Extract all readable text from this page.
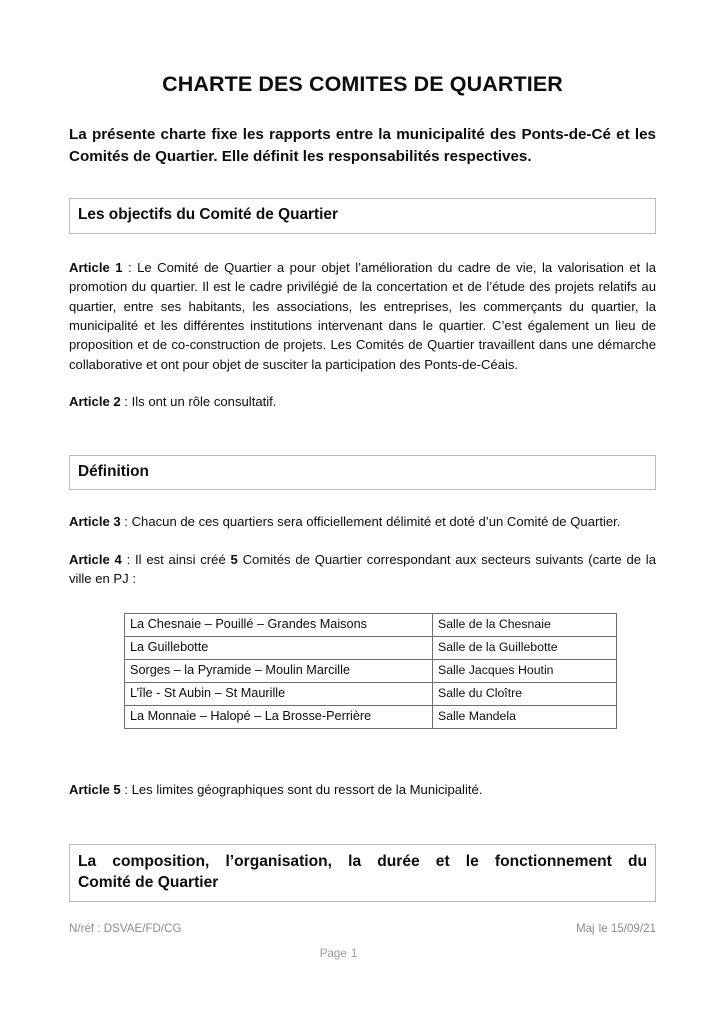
CHARTE DES COMITES DE QUARTIER

La présente charte fixe les rapports entre la municipalité des Ponts-de-Cé et les Comités de Quartier. Elle définit les responsabilités respectives.

Les objectifs du Comité de Quartier

Article 1 : Le Comité de Quartier a pour objet l’amélioration du cadre de vie, la valorisation et la promotion du quartier. Il est le cadre privilégié de la concertation et de l’étude des projets relatifs au quartier, entre ses habitants, les associations, les entreprises, les commerçants du quartier, la municipalité et les différentes institutions intervenant dans le quartier. C’est également un lieu de proposition et de co-construction de projets. Les Comités de Quartier travaillent dans une démarche collaborative et ont pour objet de susciter la participation des Ponts-de-Céais.

Article 2 : Ils ont un rôle consultatif.

Définition

Article 3 : Chacun de ces quartiers sera officiellement délimité et doté d’un Comité de Quartier.

Article 4 : Il est ainsi créé 5 Comités de Quartier correspondant aux secteurs suivants (carte de la ville en PJ :

La Chesnaie – Pouillé – Grandes Maisons	Salle de la Chesnaie
La Guillebotte	Salle de la Guillebotte
Sorges – la Pyramide – Moulin Marcille	Salle Jacques Houtin
L’île - St Aubin – St Maurille	Salle du Cloître
La Monnaie – Halopé – La Brosse-Perrière	Salle Mandela

Article 5 : Les limites géographiques sont du ressort de la Municipalité.

La composition, l’organisation, la durée et le fonctionnement du
Comité de Quartier
N/réf : DSVAE/FD/CG	Maj le 15/09/21
Page 1
